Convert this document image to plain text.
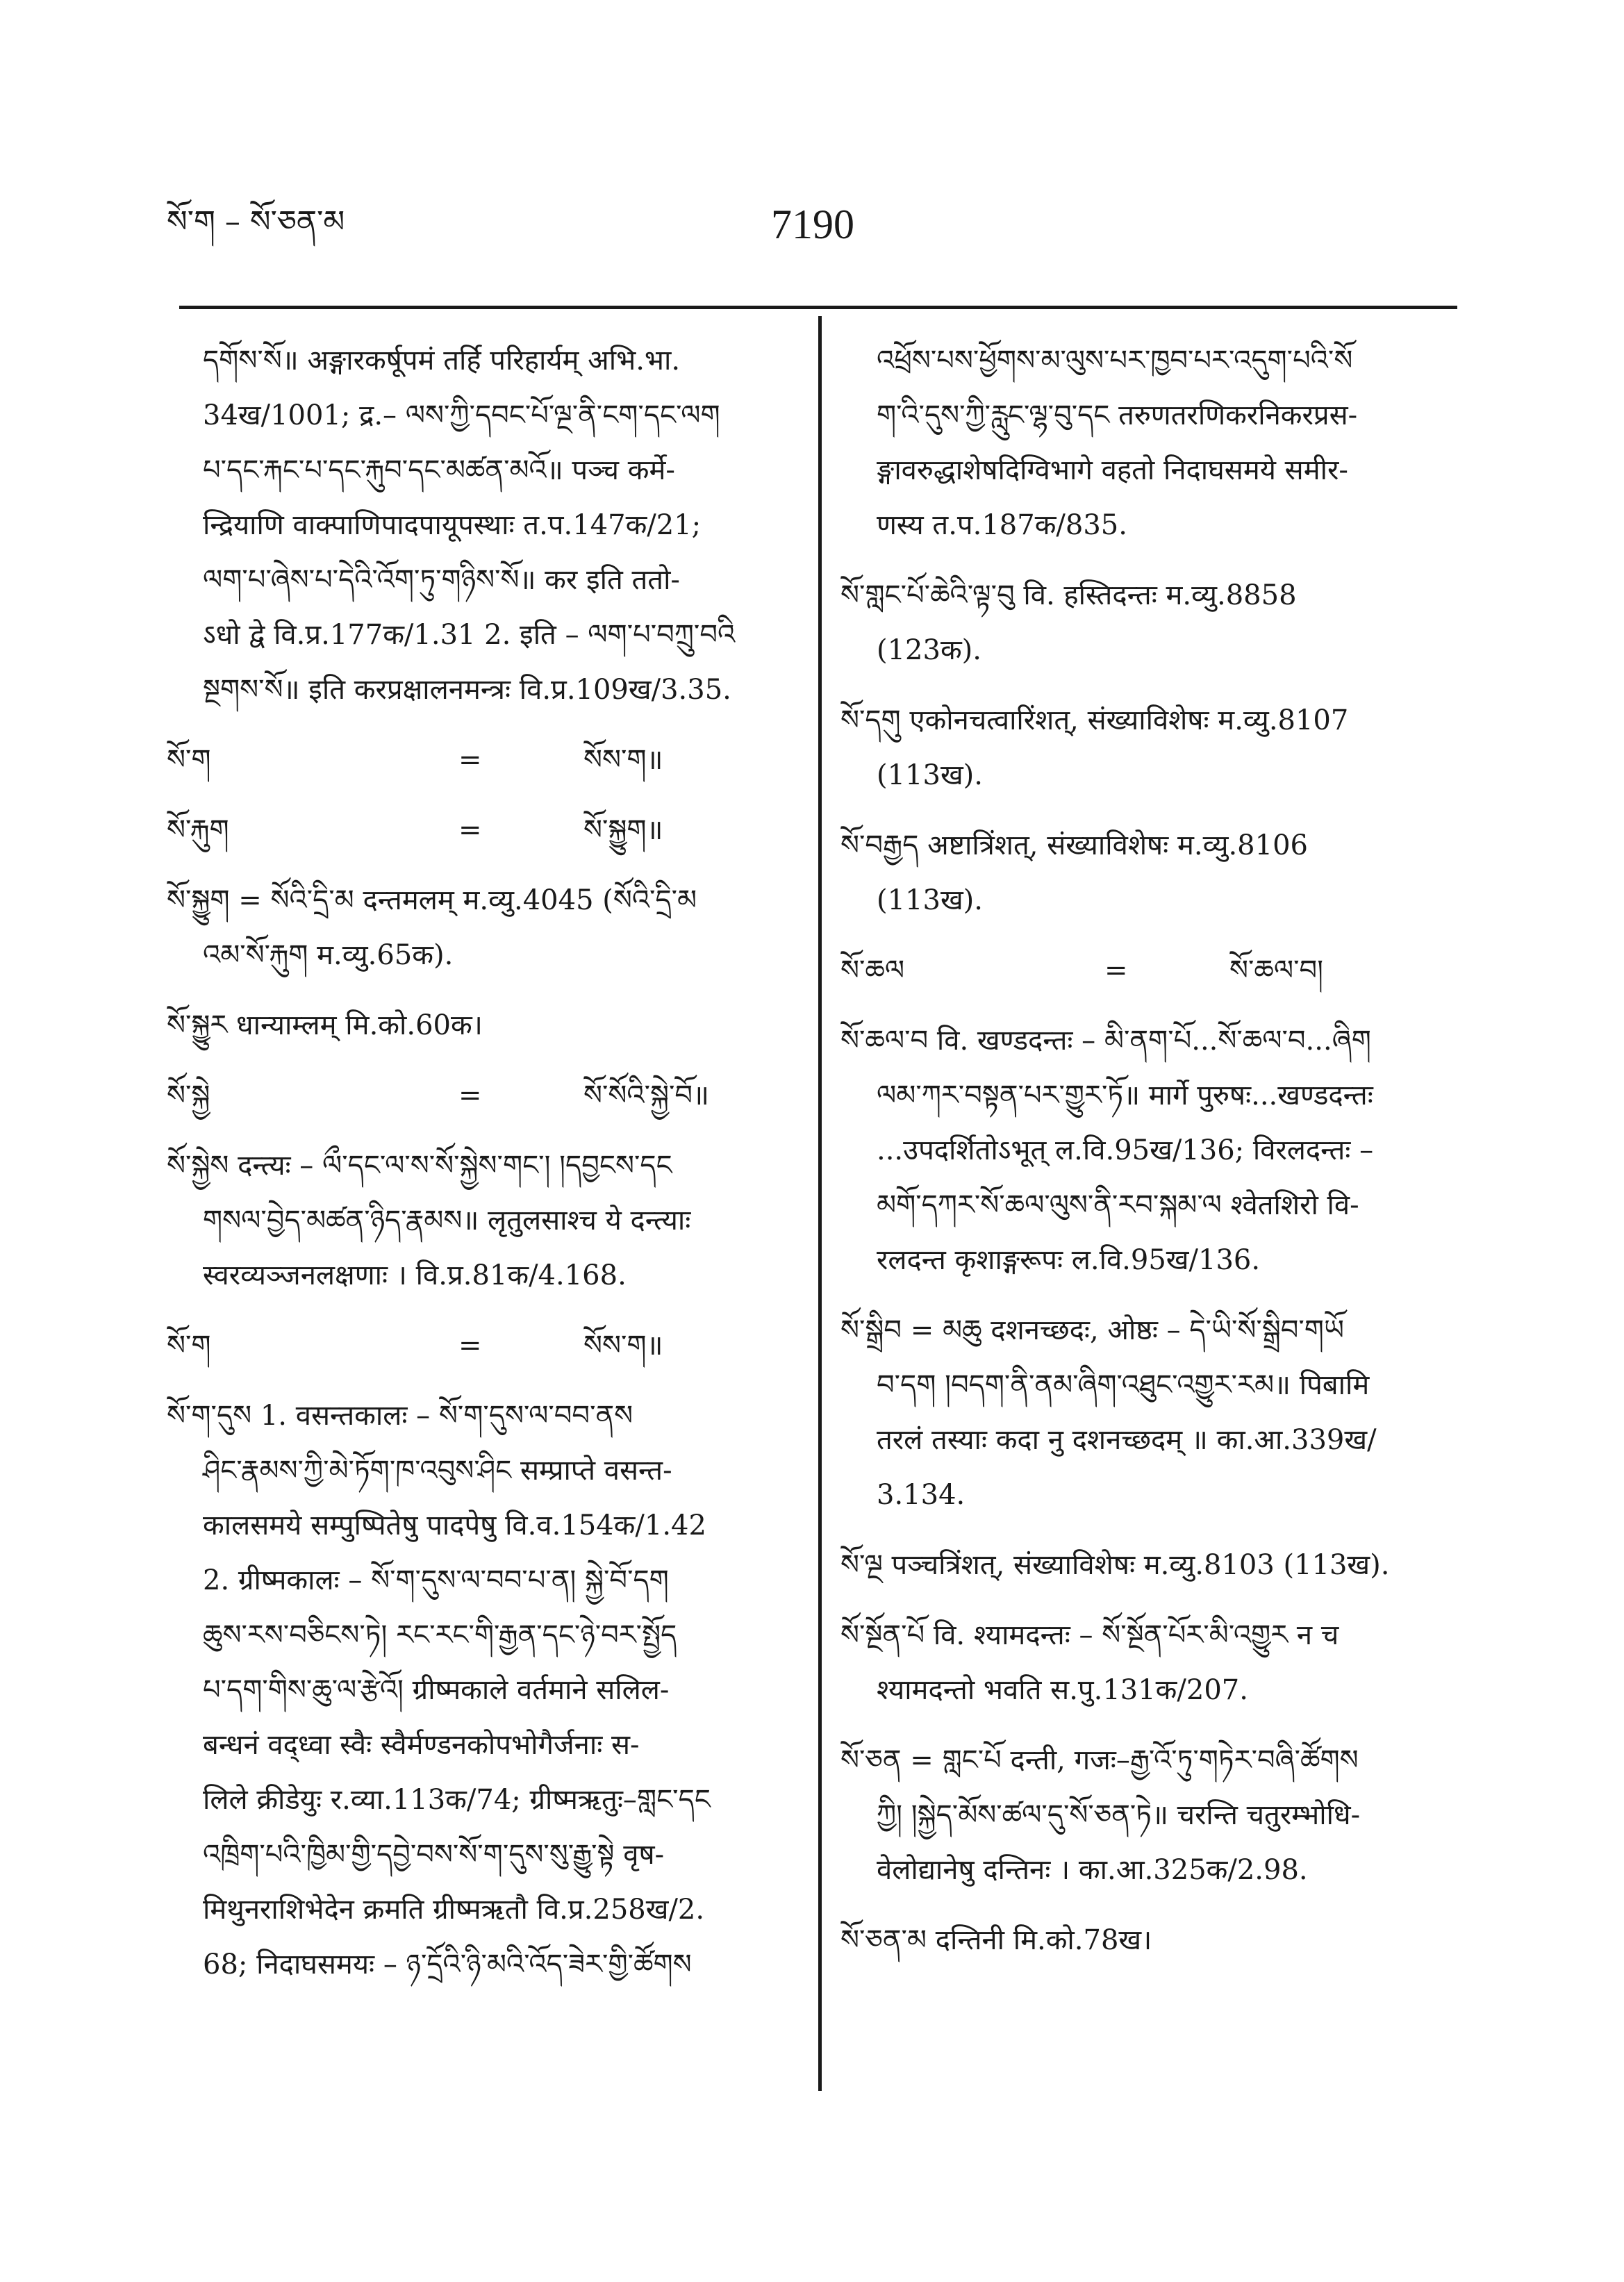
སོ་ག – སོ་ཅན་མ	7190
དགོས་སོ॥ अङ्गारकर्षूपमं तर्हि परिहार्यम् अभि.भा.
34ख/1001; द्र.– ལས་ཀྱི་དབང་པོ་ལྔ་ནི་ངག་དང་ལག
པ་དང་རྐང་པ་དང་རྐུབ་དང་མཚན་མའོ॥ पञ्च कर्मे-
न्द्रियाणि वाक्पाणिपादपायूपस्थाः त.प.147क/21;
ལག་པ་ཞེས་པ་དེའི་འོག་ཏུ་གཉིས་སོ॥ कर इति ततो-
ऽधो द्वे वि.प्र.177क/1.31 2. इति – ལག་པ་བཀྲུ་བའི
སྔགས་སོ॥ इति करप्रक्षालनमन्त्रः वि.प्र.109ख/3.35.
སོ་ག	=	སོས་ག॥
སོ་རྐུག	=	སོ་སྐྱུག॥
སོ་སྐྱུག = སོའི་དྲི་མ दन्तमलम् म.व्यु.4045 (སོའི་དྲི་མ
འམ་སོ་རྐུག म.व्यु.65क).
སོ་སྐྱུར धान्याम्लम् मि.को.60क।
སོ་སྐྱེ	=	སོ་སོའི་སྐྱེ་བོ॥
སོ་སྐྱེས दन्त्यः – ལྀ་དང་ལ་ས་སོ་སྐྱེས་གང་། །དབྱངས་དང
གསལ་བྱེད་མཚན་ཉིད་རྣམས॥ लृतुलसाश्च ये दन्त्याः
स्वरव्यञ्जनलक्षणाः । वि.प्र.81क/4.168.
སོ་ག	=	སོས་ག॥
སོ་ག་དུས 1. वसन्तकालः – སོ་ག་དུས་ལ་བབ་ནས
ཤིང་རྣམས་ཀྱི་མེ་ཏོག་ཁ་འབུས་ཤིང सम्प्राप्ते वसन्त-
कालसमये सम्पुष्पितेषु पादपेषु वि.व.154क/1.42
2. ग्रीष्मकालः – སོ་ག་དུས་ལ་བབ་པ་ན། སྐྱེ་བོ་དག
ཆུས་རས་བཅིངས་ཏེ། རང་རང་གི་རྒྱན་དང་ཉེ་བར་སྤྱོད
པ་དག་གིས་ཆུ་ལ་རྩེའོ། ग्रीष्मकाले वर्तमाने सलिल-
बन्धनं वद्ध्वा स्वैः स्वैर्मण्डनकोपभोगैर्जनाः स-
लिले क्रीडेयुः र.व्या.113क/74; ग्रीष्मऋतुः–གླང་དང
འཁྲིག་པའི་ཁྱིམ་གྱི་དབྱེ་བས་སོ་ག་དུས་སུ་རྒྱུ་སྟེ वृष-
मिथुनराशिभेदेन क्रमति ग्रीष्मऋतौ वि.प्र.258ख/2.
68; निदाघसमयः – ཉ་དྲོའི་ཉི་མའི་འོད་ཟེར་གྱི་ཚོགས
འཕྲོས་པས་ཕྱོགས་མ་ལུས་པར་ཁྱབ་པར་འདུག་པའི་སོ
ག་འི་དུས་ཀྱི་རླུང་ལྷ་བུ་དང तरुणतरणिकरनिकरप्रस-
ङ्गावरुद्धाशेषदिग्विभागे वहतो निदाघसमये समीर-
णस्य त.प.187क/835.
སོ་གླང་པོ་ཆེའི་ལྟ་བུ वि. हस्तिदन्तः म.व्यु.8858
(123क).
སོ་དགུ एकोनचत्वारिंशत्, संख्याविशेषः म.व्यु.8107
(113ख).
སོ་བརྒྱད अष्टात्रिंशत्, संख्याविशेषः म.व्यु.8106
(113ख).
སོ་ཆལ	=	སོ་ཆལ་བ།
སོ་ཆལ་བ वि. खण्डदन्तः – མི་ནག་པོ...སོ་ཆལ་བ...ཞིག
ལམ་ཀར་བསྟན་པར་གྱུར་ཏོ॥ मार्गे पुरुषः...खण्डदन्तः
...उपदर्शितोऽभूत् ल.वि.95ख/136; विरलदन्तः –
མགོ་དཀར་སོ་ཆལ་ལུས་ནི་རབ་སྐམ་ལ श्वेतशिरो वि-
रलदन्त कृशाङ्गरूपः ल.वि.95ख/136.
སོ་སྒྲིབ = མཆུ दशनच्छदः, ओष्ठः – དེ་ཡི་སོ་སྒྲིབ་གཡོ
བ་དག །བདག་ནི་ནམ་ཞིག་འཐུང་འགྱུར་རམ॥ पिबामि
तरलं तस्याः कदा नु दशनच्छदम् ॥ का.आ.339ख/
3.134.
སོ་ལྔ पञ्चत्रिंशत्, संख्याविशेषः म.व्यु.8103 (113ख).
སོ་སྔོན་པོ वि. श्यामदन्तः – སོ་སྔོན་པོར་མི་འགྱུར न च
श्यामदन्तो भवति स.पु.131क/207.
སོ་ཅན = གླང་པོ दन्ती, गजः–རྒྱ་འོ་ཏུ་གཏེར་བཞི་ཚོགས
ཀྱི། །སྐྱེད་མོས་ཚལ་དུ་སོ་ཅན་ཏེ॥ चरन्ति चतुरम्भोधि-
वेलोद्यानेषु दन्तिनः । का.आ.325क/2.98.
སོ་ཅན་མ दन्तिनी मि.को.78ख।
